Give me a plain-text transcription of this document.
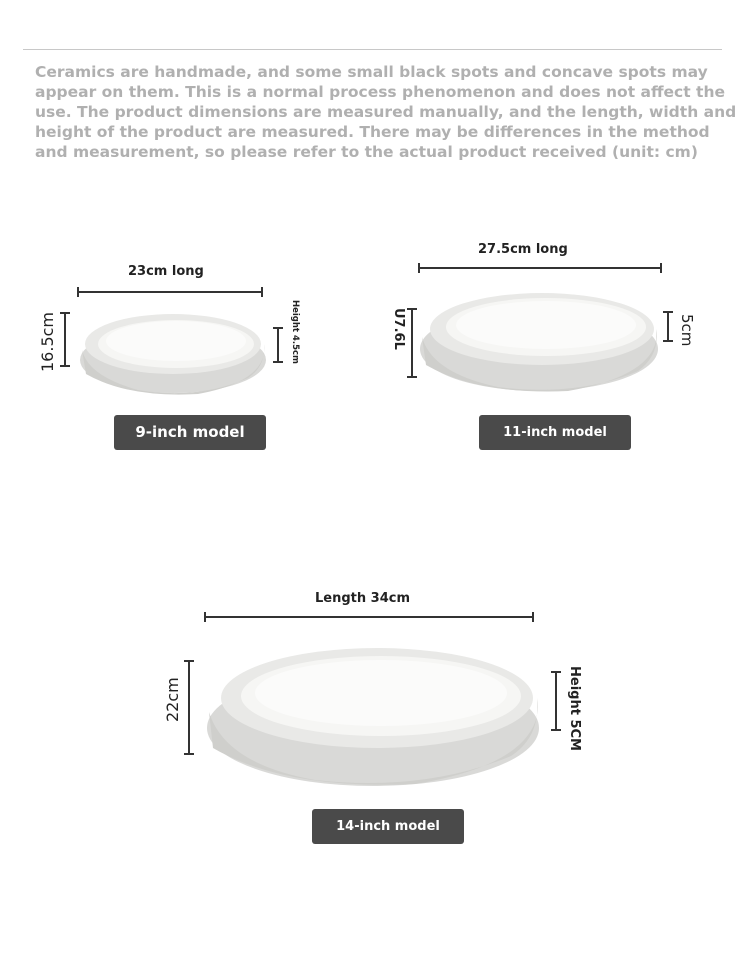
Ceramics are handmade, and some small black spots and concave spots may appear on them. This is a normal process phenomenon and does not affect the use. The product dimensions are measured manually, and the length, width and height of the product are measured. There may be differences in the method and measurement, so please refer to the actual product received (unit: cm)
23cm long
16.5cm	Height 4.5cm
9-inch model
27.5cm long
U7.6L	5cm
11-inch model
Length 34cm
22cm	Height 5CM
14-inch model
